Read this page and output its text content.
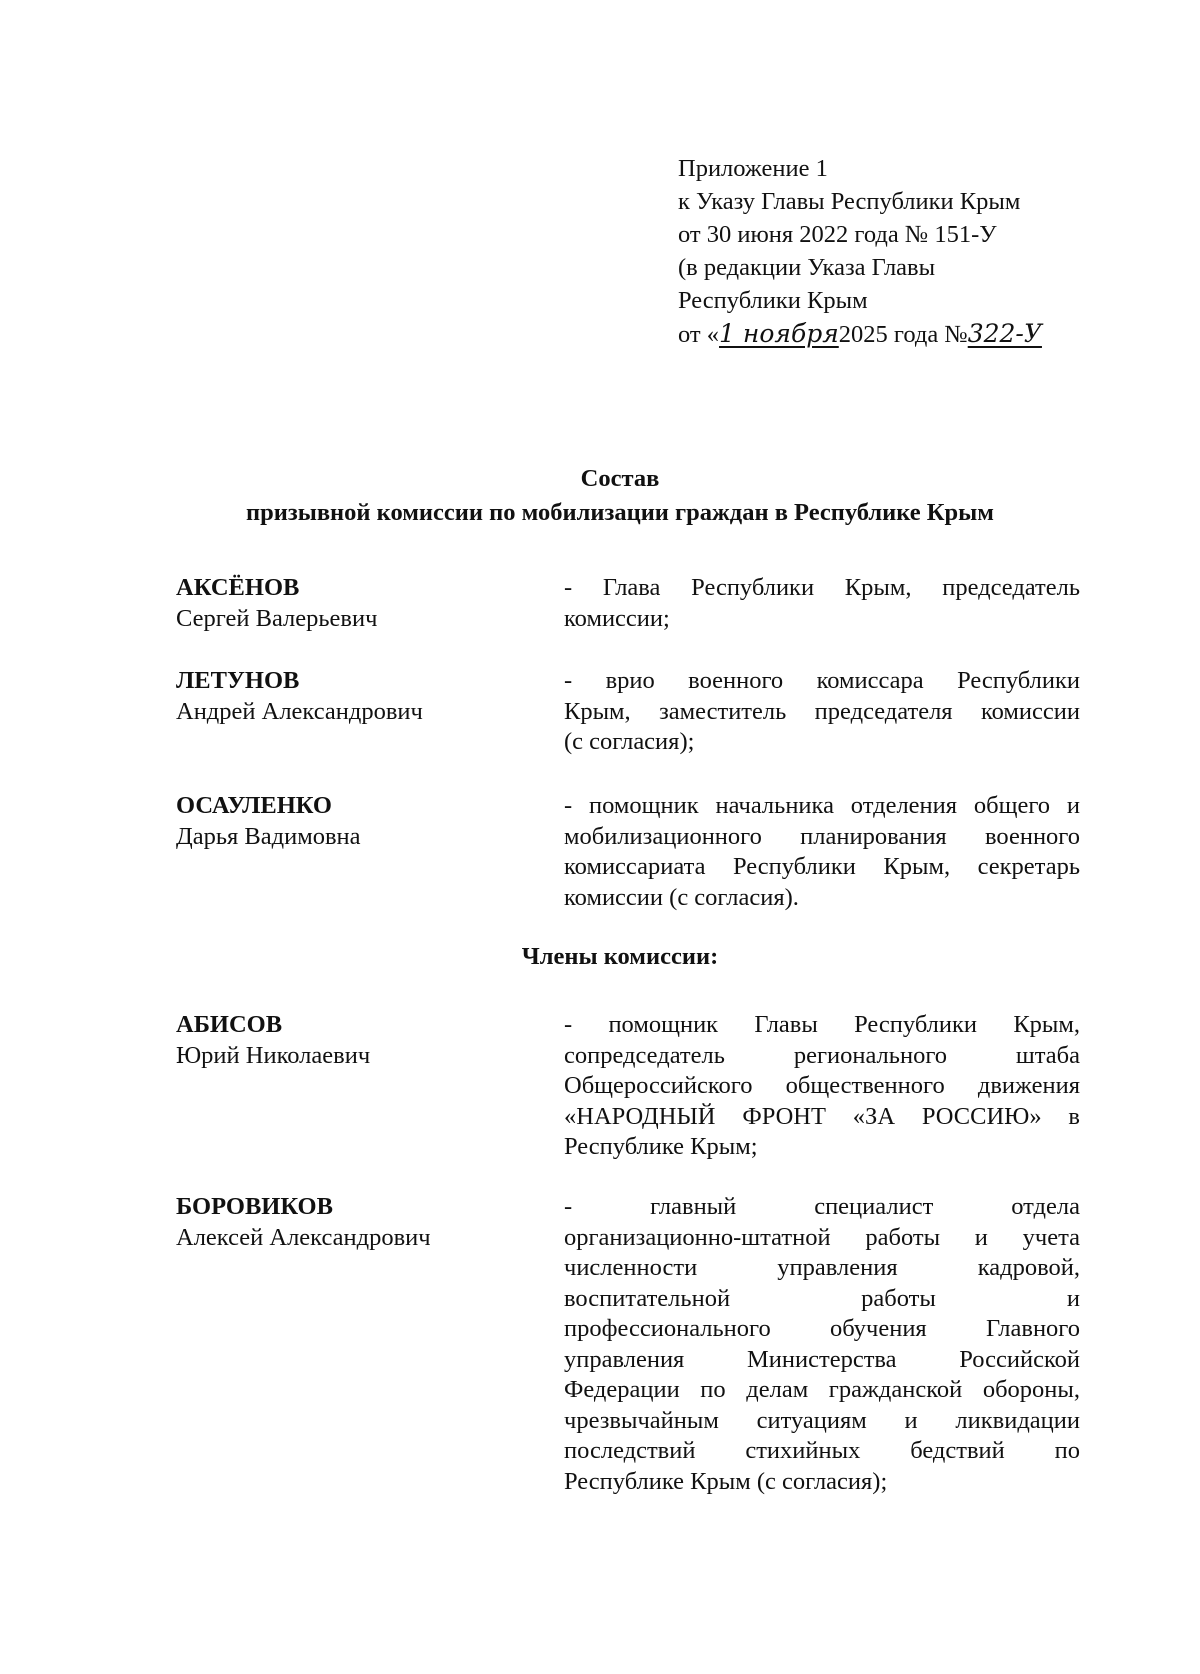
Приложение 1
к Указу Главы Республики Крым
от 30 июня 2022 года № 151-У
(в редакции Указа Главы
Республики Крым
от «1 ноября2025 года №322-У
Состав
призывной комиссии по мобилизации граждан в Республике Крым
АКСЁНОВ
Сергей Валерьевич
- Глава Республики Крым, председатель
комиссии;
ЛЕТУНОВ
Андрей Александрович
- врио военного комиссара Республики
Крым, заместитель председателя комиссии
(с согласия);
ОСАУЛЕНКО
Дарья Вадимовна
- помощник начальника отделения общего и
мобилизационного планирования военного
комиссариата Республики Крым, секретарь
комиссии (с согласия).
Члены комиссии:
АБИСОВ
Юрий Николаевич
- помощник Главы Республики Крым,
сопредседатель регионального штаба
Общероссийского общественного движения
«НАРОДНЫЙ ФРОНТ «ЗА РОССИЮ» в
Республике Крым;
БОРОВИКОВ
Алексей Александрович
- главный специалист отдела
организационно-штатной работы и учета
численности управления кадровой,
воспитательной работы и
профессионального обучения Главного
управления Министерства Российской
Федерации по делам гражданской обороны,
чрезвычайным ситуациям и ликвидации
последствий стихийных бедствий по
Республике Крым (с согласия);
